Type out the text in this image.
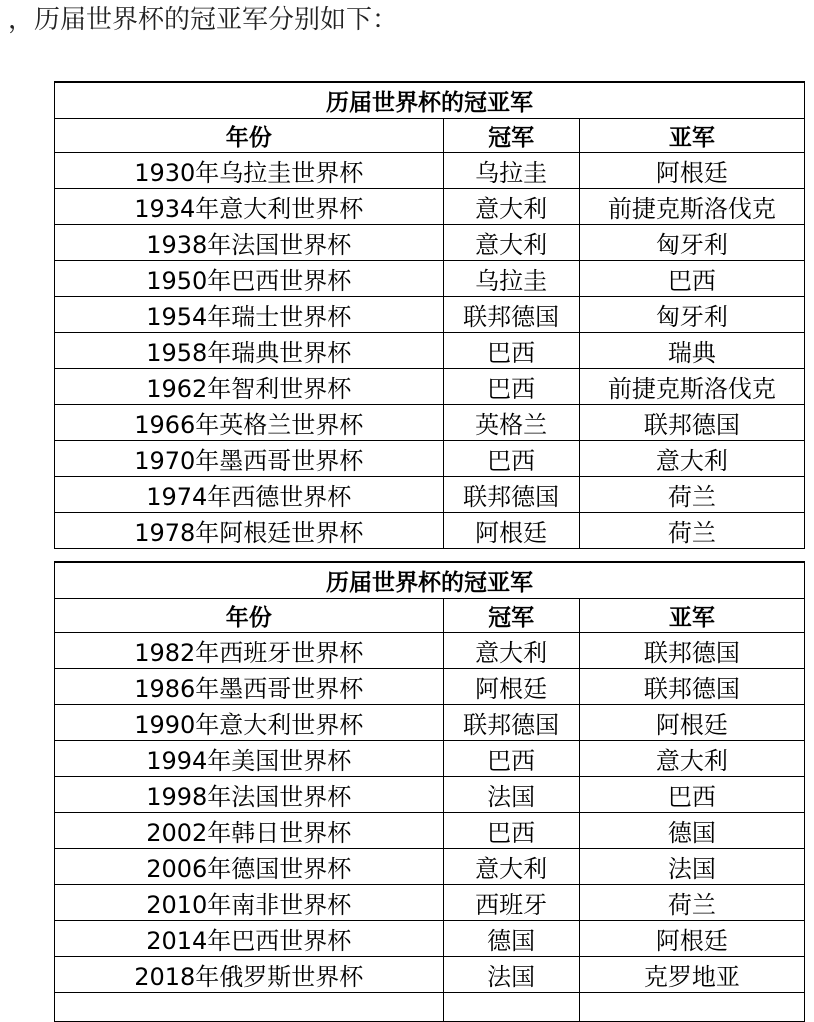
，历届世界杯的冠亚军分别如下：
历届世界杯的冠亚军		
年份	冠军	亚军
1930年乌拉圭世界杯	乌拉圭	阿根廷
1934年意大利世界杯	意大利	前捷克斯洛伐克
1938年法国世界杯	意大利	匈牙利
1950年巴西世界杯	乌拉圭	巴西
1954年瑞士世界杯	联邦德国	匈牙利
1958年瑞典世界杯	巴西	瑞典
1962年智利世界杯	巴西	前捷克斯洛伐克
1966年英格兰世界杯	英格兰	联邦德国
1970年墨西哥世界杯	巴西	意大利
1974年西德世界杯	联邦德国	荷兰
1978年阿根廷世界杯	阿根廷	荷兰
历届世界杯的冠亚军		
年份	冠军	亚军
1982年西班牙世界杯	意大利	联邦德国
1986年墨西哥世界杯	阿根廷	联邦德国
1990年意大利世界杯	联邦德国	阿根廷
1994年美国世界杯	巴西	意大利
1998年法国世界杯	法国	巴西
2002年韩日世界杯	巴西	德国
2006年德国世界杯	意大利	法国
2010年南非世界杯	西班牙	荷兰
2014年巴西世界杯	德国	阿根廷
2018年俄罗斯世界杯	法国	克罗地亚
